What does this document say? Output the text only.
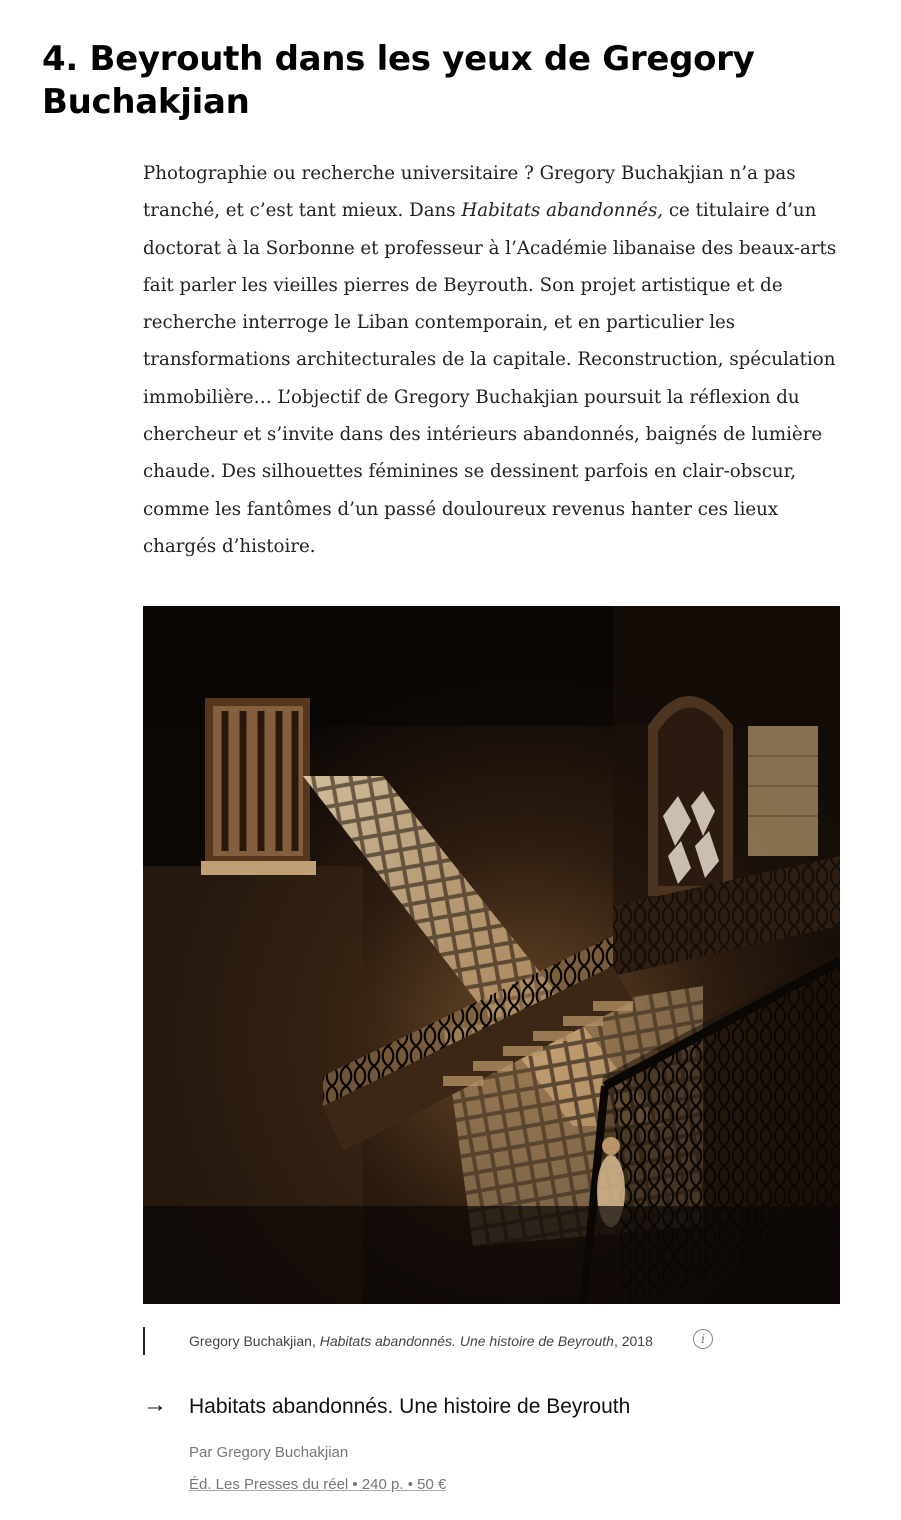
4. Beyrouth dans les yeux de Gregory Buchakjian

Photographie ou recherche universitaire ? Gregory Buchakjian n’a pas tranché, et c’est tant mieux. Dans Habitats abandonnés, ce titulaire d’un doctorat à la Sorbonne et professeur à l’Académie libanaise des beaux-arts fait parler les vieilles pierres de Beyrouth. Son projet artistique et de recherche interroge le Liban contemporain, et en particulier les transformations architecturales de la capitale. Reconstruction, spéculation immobilière… L’objectif de Gregory Buchakjian poursuit la réflexion du chercheur et s’invite dans des intérieurs abandonnés, baignés de lumière chaude. Des silhouettes féminines se dessinent parfois en clair-obscur, comme les fantômes d’un passé douloureux revenus hanter ces lieux chargés d’histoire.

Gregory Buchakjian, Habitats abandonnés. Une histoire de Beyrouth, 2018	i
→ Habitats abandonnés. Une histoire de Beyrouth
Par Gregory Buchakjian
Éd. Les Presses du réel • 240 p. • 50 €
